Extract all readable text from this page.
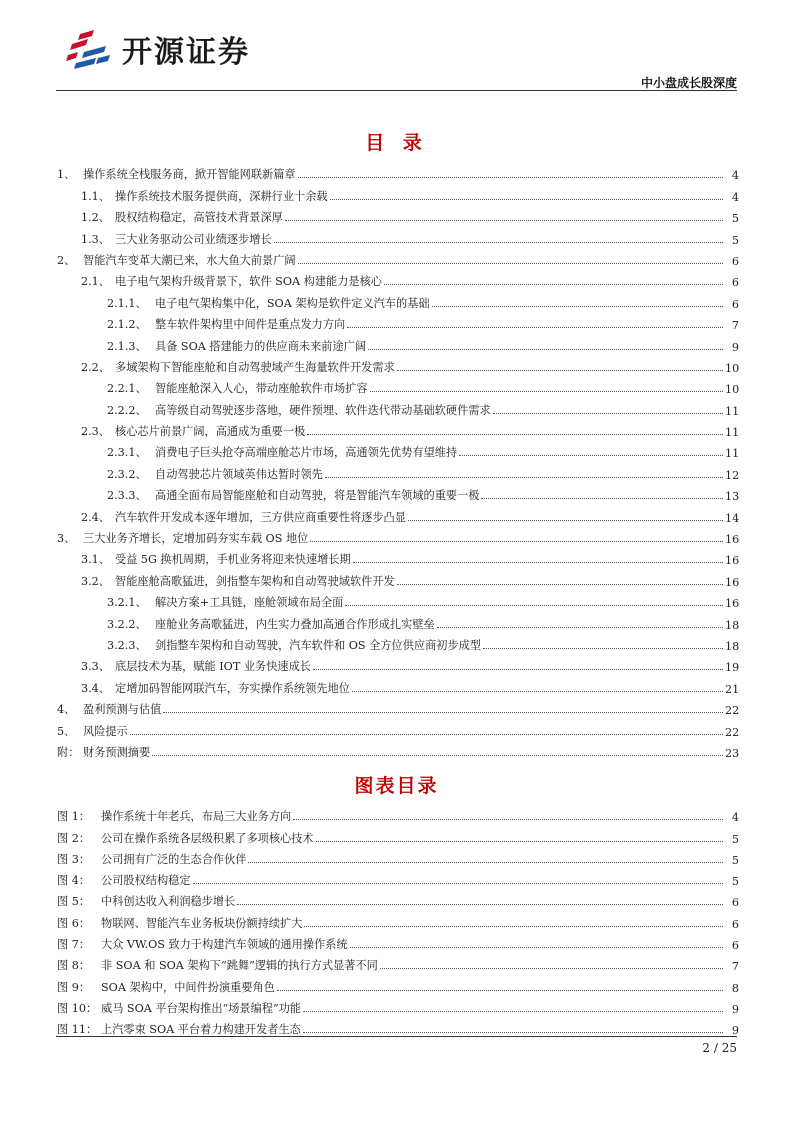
开源证券
中小盘成长股深度
目 录
1、 操作系统全栈服务商，掀开智能网联新篇章	4
1.1、 操作系统技术服务提供商，深耕行业十余载	4
1.2、 股权结构稳定，高管技术背景深厚	5
1.3、 三大业务驱动公司业绩逐步增长	5
2、 智能汽车变革大潮已来，水大鱼大前景广阔	6
2.1、 电子电气架构升级背景下，软件 SOA 构建能力是核心	6
2.1.1、 电子电气架构集中化，SOA 架构是软件定义汽车的基础	6
2.1.2、 整车软件架构里中间件是重点发力方向	7
2.1.3、 具备 SOA 搭建能力的供应商未来前途广阔	9
2.2、 多域架构下智能座舱和自动驾驶域产生海量软件开发需求	10
2.2.1、 智能座舱深入人心，带动座舱软件市场扩容	10
2.2.2、 高等级自动驾驶逐步落地，硬件预埋、软件迭代带动基础软硬件需求	11
2.3、 核心芯片前景广阔，高通成为重要一极	11
2.3.1、 消费电子巨头抢夺高端座舱芯片市场，高通领先优势有望维持	11
2.3.2、 自动驾驶芯片领域英伟达暂时领先	12
2.3.3、 高通全面布局智能座舱和自动驾驶，将是智能汽车领域的重要一极	13
2.4、 汽车软件开发成本逐年增加，三方供应商重要性将逐步凸显	14
3、 三大业务齐增长，定增加码夯实车载 OS 地位	16
3.1、 受益 5G 换机周期，手机业务将迎来快速增长期	16
3.2、 智能座舱高歌猛进，剑指整车架构和自动驾驶域软件开发	16
3.2.1、 解决方案+工具链，座舱领域布局全面	16
3.2.2、 座舱业务高歌猛进，内生实力叠加高通合作形成扎实壁垒	18
3.2.3、 剑指整车架构和自动驾驶，汽车软件和 OS 全方位供应商初步成型	18
3.3、 底层技术为基，赋能 IOT 业务快速成长	19
3.4、 定增加码智能网联汽车，夯实操作系统领先地位	21
4、 盈利预测与估值	22
5、 风险提示	22
附： 财务预测摘要	23
图表目录
图 1： 操作系统十年老兵，布局三大业务方向	4
图 2： 公司在操作系统各层级积累了多项核心技术	5
图 3： 公司拥有广泛的生态合作伙伴	5
图 4： 公司股权结构稳定	5
图 5： 中科创达收入利润稳步增长	6
图 6： 物联网、智能汽车业务板块份额持续扩大	6
图 7： 大众 VW.OS 致力于构建汽车领域的通用操作系统	6
图 8： 非 SOA 和 SOA 架构下“跳舞”逻辑的执行方式显著不同	7
图 9： SOA 架构中，中间件扮演重要角色	8
图 10： 威马 SOA 平台架构推出“场景编程”功能	9
图 11： 上汽零束 SOA 平台着力构建开发者生态	9
2 / 25
